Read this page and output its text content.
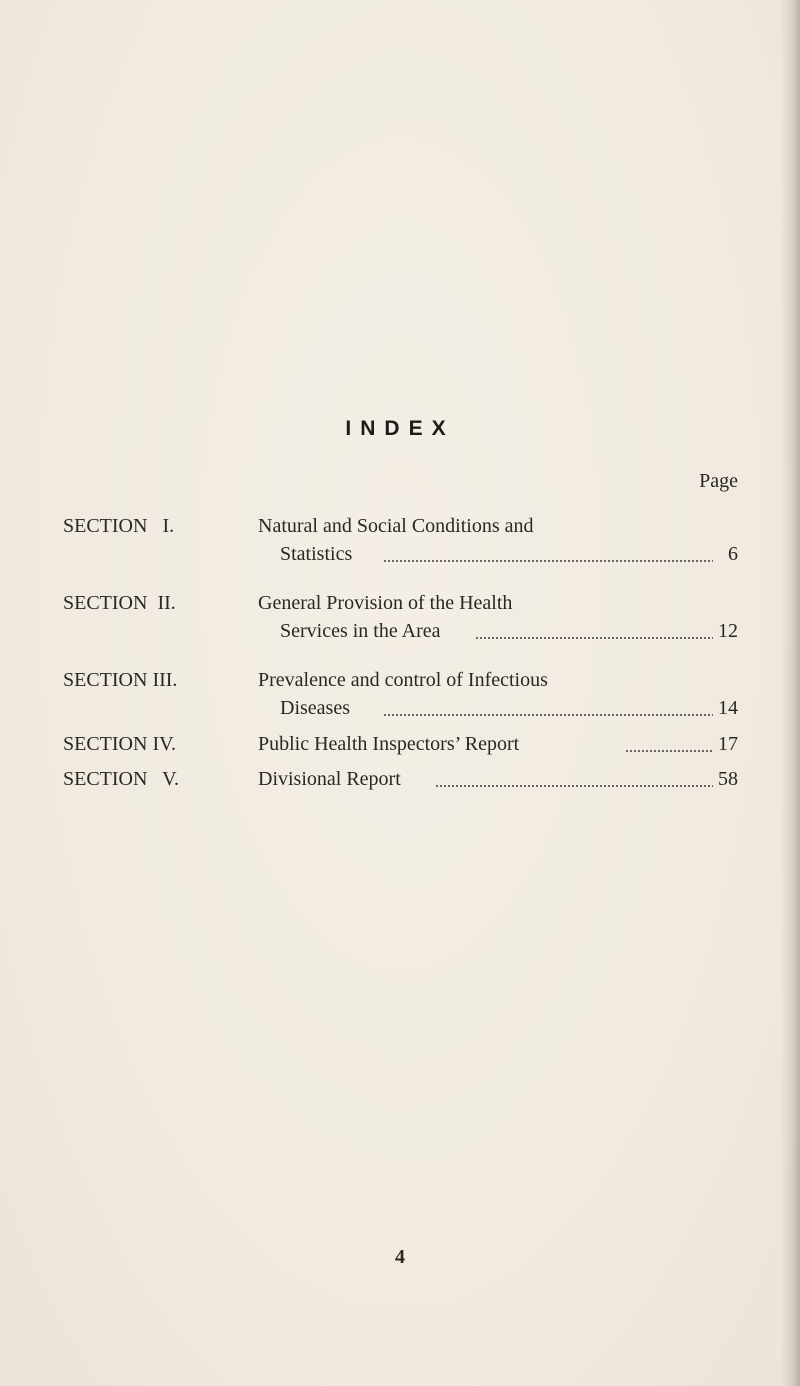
INDEX
Page
SECTION   I.	Natural and Social Conditions and
Statistics	6
SECTION  II.	General Provision of the Health
Services in the Area	12
SECTION III.	Prevalence and control of Infectious
Diseases	14
SECTION IV.	Public Health Inspectors’ Report	17
SECTION   V.	Divisional Report	58
4
